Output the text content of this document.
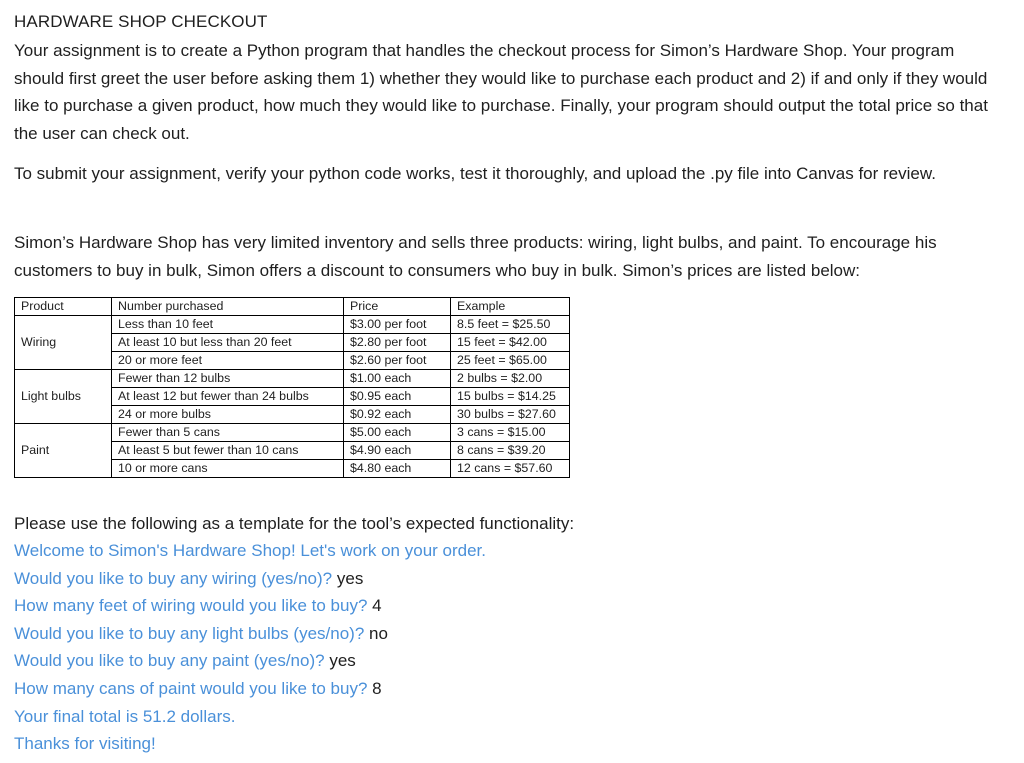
HARDWARE SHOP CHECKOUT
Your assignment is to create a Python program that handles the checkout process for Simon’s Hardware Shop. Your program should first greet the user before asking them 1) whether they would like to purchase each product and 2) if and only if they would like to purchase a given product, how much they would like to purchase. Finally, your program should output the total price so that the user can check out.
To submit your assignment, verify your python code works, test it thoroughly, and upload the .py file into Canvas for review.
Simon’s Hardware Shop has very limited inventory and sells three products: wiring, light bulbs, and paint. To encourage his customers to buy in bulk, Simon offers a discount to consumers who buy in bulk. Simon’s prices are listed below:
Product	Number purchased	Price	Example
Wiring	Less than 10 feet	$3.00 per foot	8.5 feet = $25.50
	At least 10 but less than 20 feet	$2.80 per foot	15 feet = $42.00
	20 or more feet	$2.60 per foot	25 feet = $65.00
Light bulbs	Fewer than 12 bulbs	$1.00 each	2 bulbs = $2.00
	At least 12 but fewer than 24 bulbs	$0.95 each	15 bulbs = $14.25
	24 or more bulbs	$0.92 each	30 bulbs = $27.60
Paint	Fewer than 5 cans	$5.00 each	3 cans = $15.00
	At least 5 but fewer than 10 cans	$4.90 each	8 cans = $39.20
	10 or more cans	$4.80 each	12 cans = $57.60
Please use the following as a template for the tool’s expected functionality:
Welcome to Simon's Hardware Shop! Let's work on your order.
Would you like to buy any wiring (yes/no)? yes
How many feet of wiring would you like to buy? 4
Would you like to buy any light bulbs (yes/no)? no
Would you like to buy any paint (yes/no)? yes
How many cans of paint would you like to buy? 8
Your final total is 51.2 dollars.
Thanks for visiting!
